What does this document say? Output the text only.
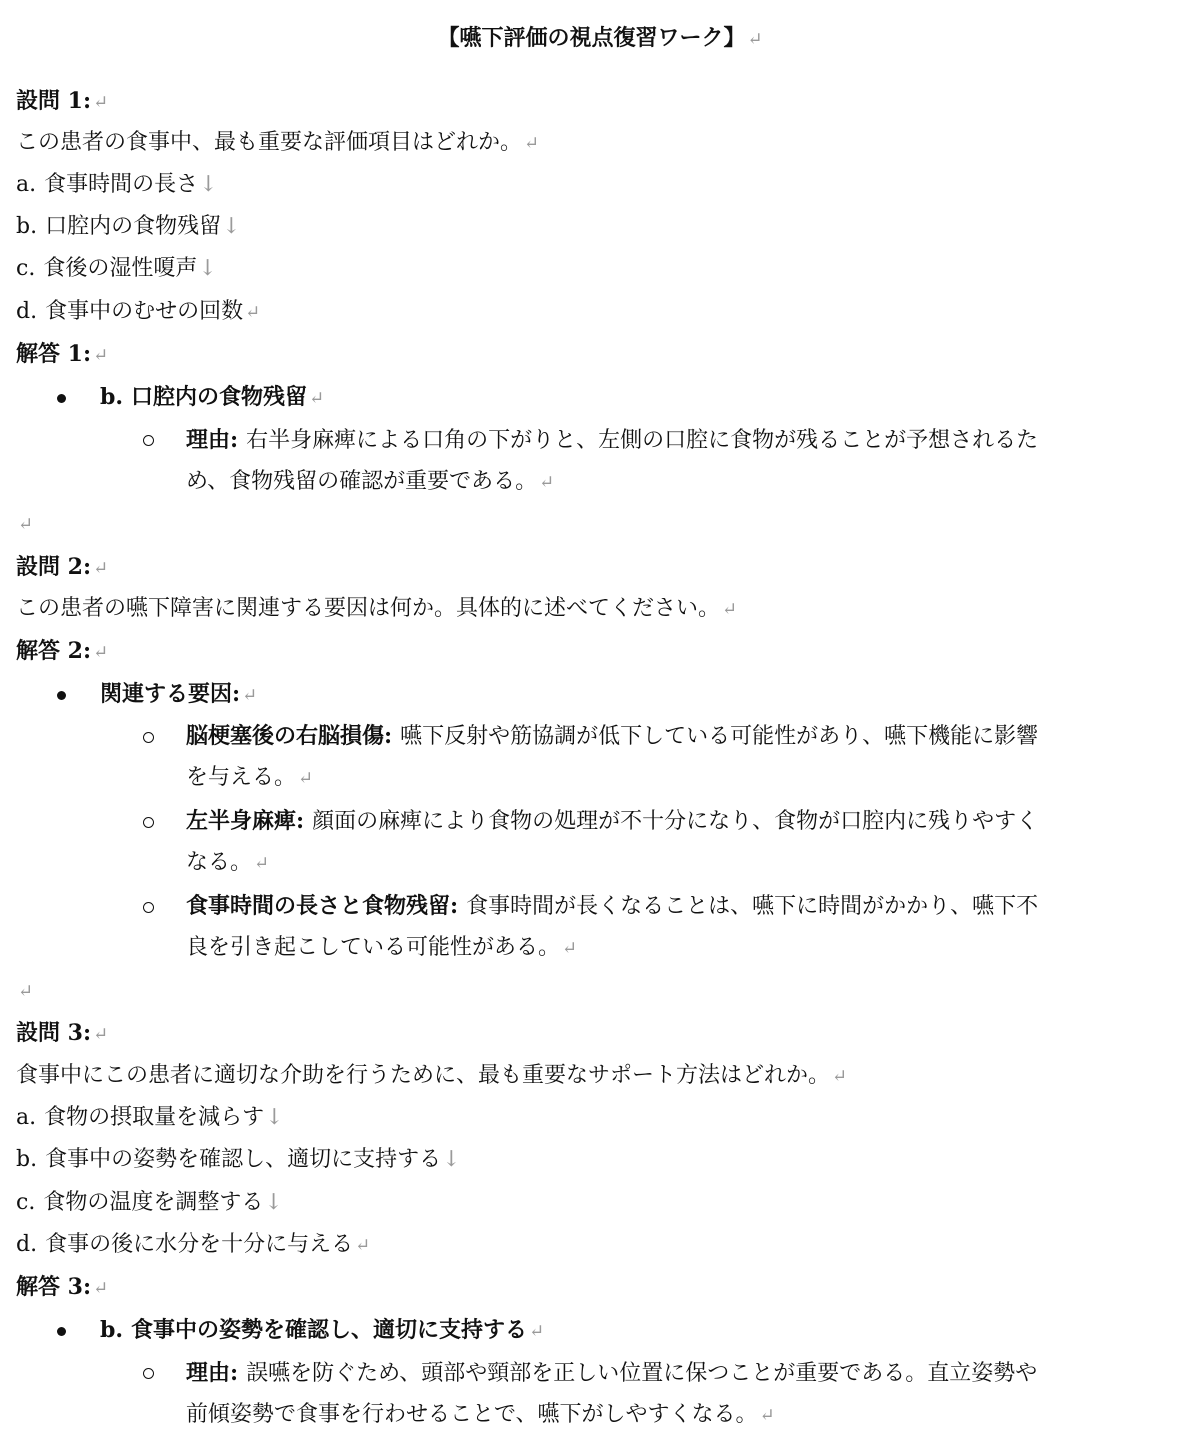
【嚥下評価の視点復習ワーク】 ↵
設問 1: ↵
この患者の食事中、最も重要な評価項目はどれか。 ↵
a. 食事時間の長さ↓
b. 口腔内の食物残留↓
c. 食後の湿性嗄声↓
d. 食事中のむせの回数 ↵
解答 1: ↵
b. 口腔内の食物残留 ↵
理由: 右半身麻痺による口角の下がりと、左側の口腔に食物が残ることが予想されるた
め、食物残留の確認が重要である。 ↵
↵
設問 2: ↵
この患者の嚥下障害に関連する要因は何か。具体的に述べてください。 ↵
解答 2: ↵
関連する要因: ↵
脳梗塞後の右脳損傷: 嚥下反射や筋協調が低下している可能性があり、嚥下機能に影響
を与える。 ↵
左半身麻痺: 顔面の麻痺により食物の処理が不十分になり、食物が口腔内に残りやすく
なる。 ↵
食事時間の長さと食物残留: 食事時間が長くなることは、嚥下に時間がかかり、嚥下不
良を引き起こしている可能性がある。 ↵
↵
設問 3: ↵
食事中にこの患者に適切な介助を行うために、最も重要なサポート方法はどれか。 ↵
a. 食物の摂取量を減らす↓
b. 食事中の姿勢を確認し、適切に支持する↓
c. 食物の温度を調整する↓
d. 食事の後に水分を十分に与える ↵
解答 3: ↵
b. 食事中の姿勢を確認し、適切に支持する ↵
理由: 誤嚥を防ぐため、頭部や頸部を正しい位置に保つことが重要である。直立姿勢や
前傾姿勢で食事を行わせることで、嚥下がしやすくなる。 ↵
